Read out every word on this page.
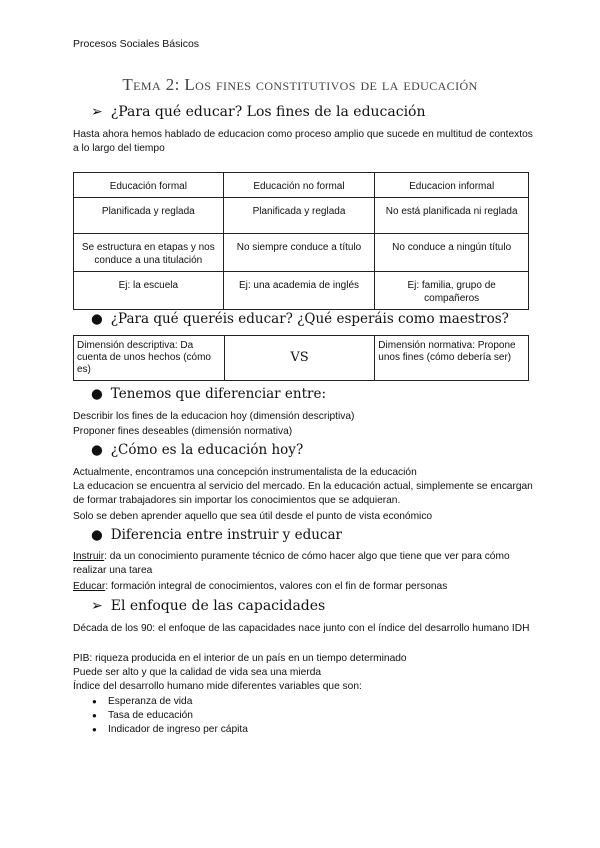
Procesos Sociales Básicos
Tema 2: Los fines constitutivos de la educación
➢ ¿Para qué educar? Los fines de la educación
Hasta ahora hemos hablado de educacion como proceso amplio que sucede en multitud de contextos a lo largo del tiempo
Educación formal	Educación no formal	Educacion informal
Planificada y reglada	Planificada y reglada	No está planificada ni reglada
Se estructura en etapas y nos conduce a una titulación	No siempre conduce a título	No conduce a ningún título
Ej: la escuela	Ej: una academia de inglés	Ej: familia, grupo de compañeros
● ¿Para qué queréis educar? ¿Qué esperáis como maestros?
Dimensión descriptiva: Da cuenta de unos hechos (cómo es)	VS	Dimensión normativa: Propone unos fines (cómo debería ser)
● Tenemos que diferenciar entre:
Describir los fines de la educacion hoy (dimensión descriptiva)
Proponer fines deseables (dimensión normativa)
● ¿Cómo es la educación hoy?
Actualmente, encontramos una concepción instrumentalista de la educación
La educacion se encuentra al servicio del mercado. En la educación actual, simplemente se encargan de formar trabajadores sin importar los conocimientos que se adquieran.
Solo se deben aprender aquello que sea útil desde el punto de vista económico
● Diferencia entre instruir y educar
Instruir: da un conocimiento puramente técnico de cómo hacer algo que tiene que ver para cómo realizar una tarea
Educar: formación integral de conocimientos, valores con el fin de formar personas
➢ El enfoque de las capacidades
Década de los 90: el enfoque de las capacidades nace junto con el índice del desarrollo humano IDH
PIB: riqueza producida en el interior de un país en un tiempo determinado
Puede ser alto y que la calidad de vida sea una mierda
Índice del desarrollo humano mide diferentes variables que son:
● Esperanza de vida
● Tasa de educación
● Indicador de ingreso per cápita
